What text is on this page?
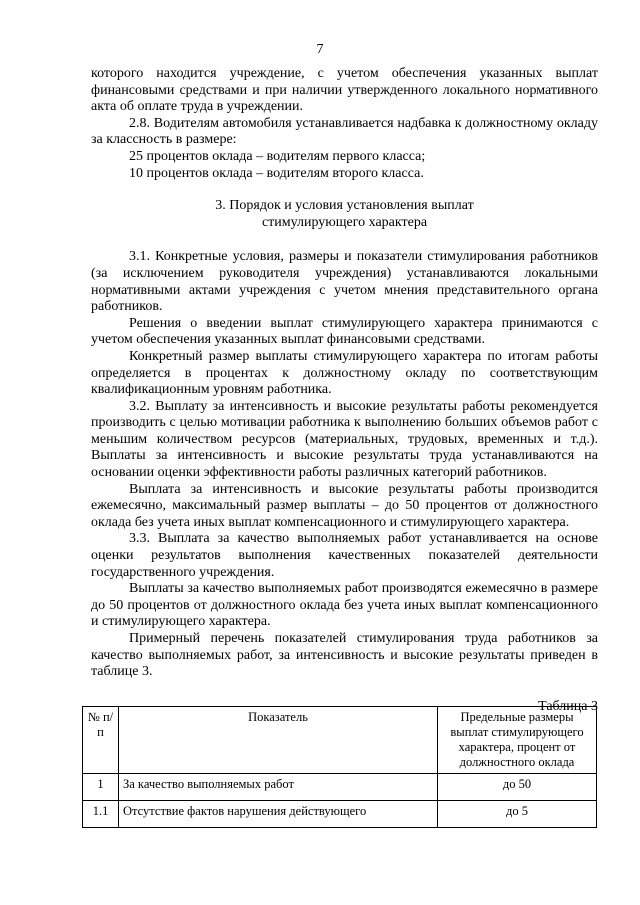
7

которого находится учреждение, с учетом обеспечения указанных выплат финансовыми средствами и при наличии утвержденного локального нормативного акта об оплате труда в учреждении.

2.8. Водителям автомобиля устанавливается надбавка к должностному окладу за классность в размере:

25 процентов оклада – водителям первого класса;

10 процентов оклада – водителям второго класса.

3. Порядок и условия установления выплат
стимулирующего характера

3.1. Конкретные условия, размеры и показатели стимулирования работников (за исключением руководителя учреждения) устанавливаются локальными нормативными актами учреждения с учетом мнения представительного органа работников.

Решения о введении выплат стимулирующего характера принимаются с учетом обеспечения указанных выплат финансовыми средствами.

Конкретный размер выплаты стимулирующего характера по итогам работы определяется в процентах к должностному окладу по соответствующим квалификационным уровням работника.

3.2. Выплату за интенсивность и высокие результаты работы рекомендуется производить с целью мотивации работника к выполнению больших объемов работ с меньшим количеством ресурсов (материальных, трудовых, временных и т.д.). Выплаты за интенсивность и высокие результаты труда устанавливаются на основании оценки эффективности работы различных категорий работников.

Выплата за интенсивность и высокие результаты работы производится ежемесячно, максимальный размер выплаты – до 50 процентов от должностного оклада без учета иных выплат компенсационного и стимулирующего характера.

3.3. Выплата за качество выполняемых работ устанавливается на основе оценки результатов выполнения качественных показателей деятельности государственного учреждения.

Выплаты за качество выполняемых работ производятся ежемесячно в размере до 50 процентов от должностного оклада без учета иных выплат компенсационного и стимулирующего характера.

Примерный перечень показателей стимулирования труда работников за качество выполняемых работ, за интенсивность и высокие результаты приведен в таблице 3.

Таблица 3

№ п/п	Показатель	Предельные размеры выплат стимулирующего характера, процент от должностного оклада
1	За качество выполняемых работ	до 50
1.1	Отсутствие фактов нарушения действующего	до 5
